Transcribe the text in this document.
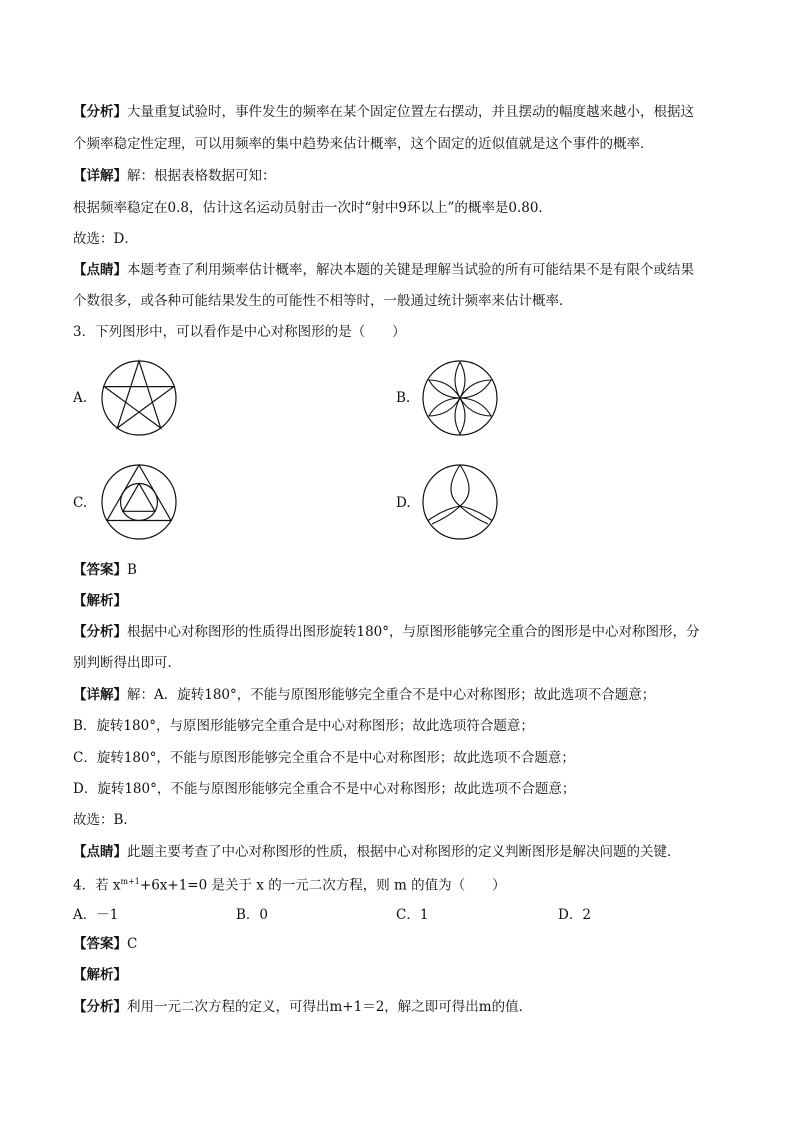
【分析】大量重复试验时，事件发生的频率在某个固定位置左右摆动，并且摆动的幅度越来越小，根据这
个频率稳定性定理，可以用频率的集中趋势来估计概率，这个固定的近似值就是这个事件的概率．
【详解】解：根据表格数据可知：
根据频率稳定在0.8，估计这名运动员射击一次时“射中9环以上”的概率是0.80．
故选：D．
【点睛】本题考查了利用频率估计概率，解决本题的关键是理解当试验的所有可能结果不是有限个或结果
个数很多，或各种可能结果发生的可能性不相等时，一般通过统计频率来估计概率．
3．下列图形中，可以看作是中心对称图形的是（　　）
A.	B.
C.	D.
【答案】B
【解析】
【分析】根据中心对称图形的性质得出图形旋转180°，与原图形能够完全重合的图形是中心对称图形，分
别判断得出即可．
【详解】解：A．旋转180°，不能与原图形能够完全重合不是中心对称图形；故此选项不合题意；
B．旋转180°，与原图形能够完全重合是中心对称图形；故此选项符合题意；
C．旋转180°，不能与原图形能够完全重合不是中心对称图形；故此选项不合题意；
D．旋转180°，不能与原图形能够完全重合不是中心对称图形；故此选项不合题意；
故选：B．
【点睛】此题主要考查了中心对称图形的性质，根据中心对称图形的定义判断图形是解决问题的关键．
4．若 $x^{m+1}+6x+1=0$ 是关于 x 的一元二次方程，则 m 的值为（　　）
A．－1	B．0	C．1	D．2
【答案】C
【解析】
【分析】利用一元二次方程的定义，可得出m+1＝2，解之即可得出m的值．
